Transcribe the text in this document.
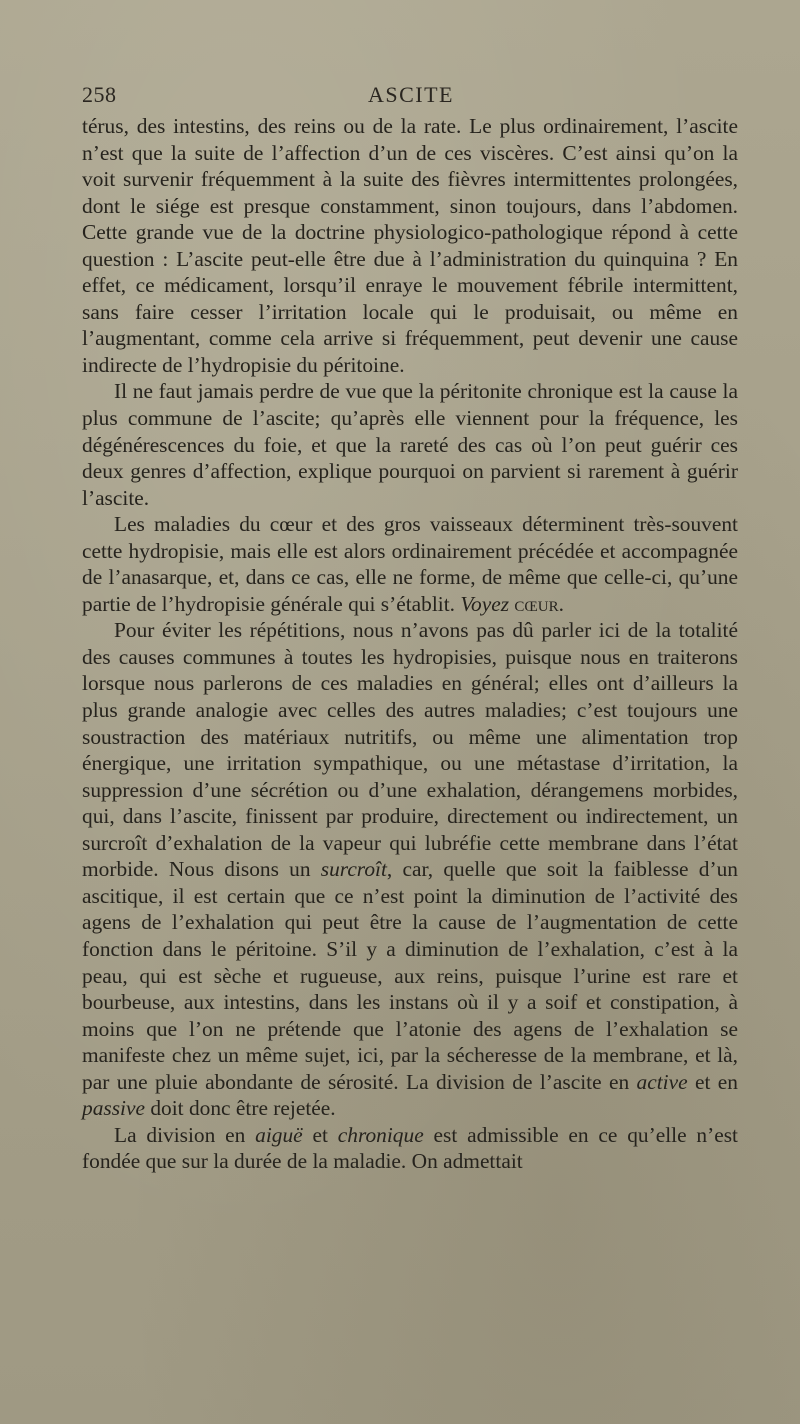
258	ASCITE

térus, des intestins, des reins ou de la rate. Le plus ordinairement, l’ascite n’est que la suite de l’affection d’un de ces viscères. C’est ainsi qu’on la voit survenir fréquemment à la suite des fièvres intermittentes prolongées, dont le siége est presque constamment, sinon toujours, dans l’abdomen. Cette grande vue de la doctrine physiologico-pathologique répond à cette question : L’ascite peut-elle être due à l’administration du quinquina ? En effet, ce médicament, lorsqu’il enraye le mouvement fébrile intermittent, sans faire cesser l’irritation locale qui le produisait, ou même en l’augmentant, comme cela arrive si fréquemment, peut devenir une cause indirecte de l’hydropisie du péritoine.

Il ne faut jamais perdre de vue que la péritonite chronique est la cause la plus commune de l’ascite; qu’après elle viennent pour la fréquence, les dégénérescences du foie, et que la rareté des cas où l’on peut guérir ces deux genres d’affection, explique pourquoi on parvient si rarement à guérir l’ascite.

Les maladies du cœur et des gros vaisseaux déterminent très-souvent cette hydropisie, mais elle est alors ordinairement précédée et accompagnée de l’anasarque, et, dans ce cas, elle ne forme, de même que celle-ci, qu’une partie de l’hydropisie générale qui s’établit. Voyez cœur.

Pour éviter les répétitions, nous n’avons pas dû parler ici de la totalité des causes communes à toutes les hydropisies, puisque nous en traiterons lorsque nous parlerons de ces maladies en général; elles ont d’ailleurs la plus grande analogie avec celles des autres maladies; c’est toujours une soustraction des matériaux nutritifs, ou même une alimentation trop énergique, une irritation sympathique, ou une métastase d’irritation, la suppression d’une sécrétion ou d’une exhalation, dérangemens morbides, qui, dans l’ascite, finissent par produire, directement ou indirectement, un surcroît d’exhalation de la vapeur qui lubréfie cette membrane dans l’état morbide. Nous disons un surcroît, car, quelle que soit la faiblesse d’un ascitique, il est certain que ce n’est point la diminution de l’activité des agens de l’exhalation qui peut être la cause de l’augmentation de cette fonction dans le péritoine. S’il y a diminution de l’exhalation, c’est à la peau, qui est sèche et rugueuse, aux reins, puisque l’urine est rare et bourbeuse, aux intestins, dans les instans où il y a soif et constipation, à moins que l’on ne prétende que l’atonie des agens de l’exhalation se manifeste chez un même sujet, ici, par la sécheresse de la membrane, et là, par une pluie abondante de sérosité. La division de l’ascite en active et en passive doit donc être rejetée.

La division en aiguë et chronique est admissible en ce qu’elle n’est fondée que sur la durée de la maladie. On admettait
